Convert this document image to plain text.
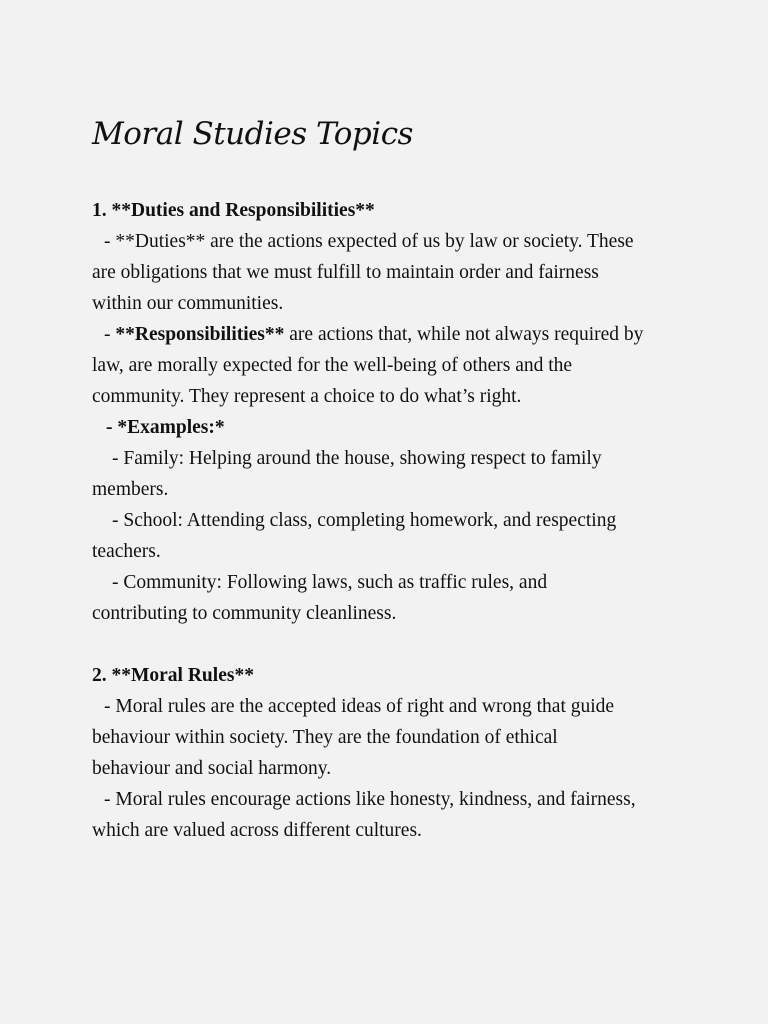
Moral Studies Topics
1. **Duties and Responsibilities**
- **Duties** are the actions expected of us by law or society. These
are obligations that we must fulfill to maintain order and fairness
within our communities.
- **Responsibilities** are actions that, while not always required by
law, are morally expected for the well-being of others and the
community. They represent a choice to do what’s right.
- *Examples:*
- Family: Helping around the house, showing respect to family
members.
- School: Attending class, completing homework, and respecting
teachers.
- Community: Following laws, such as traffic rules, and
contributing to community cleanliness.
2. **Moral Rules**
- Moral rules are the accepted ideas of right and wrong that guide
behaviour within society. They are the foundation of ethical
behaviour and social harmony.
- Moral rules encourage actions like honesty, kindness, and fairness,
which are valued across different cultures.
